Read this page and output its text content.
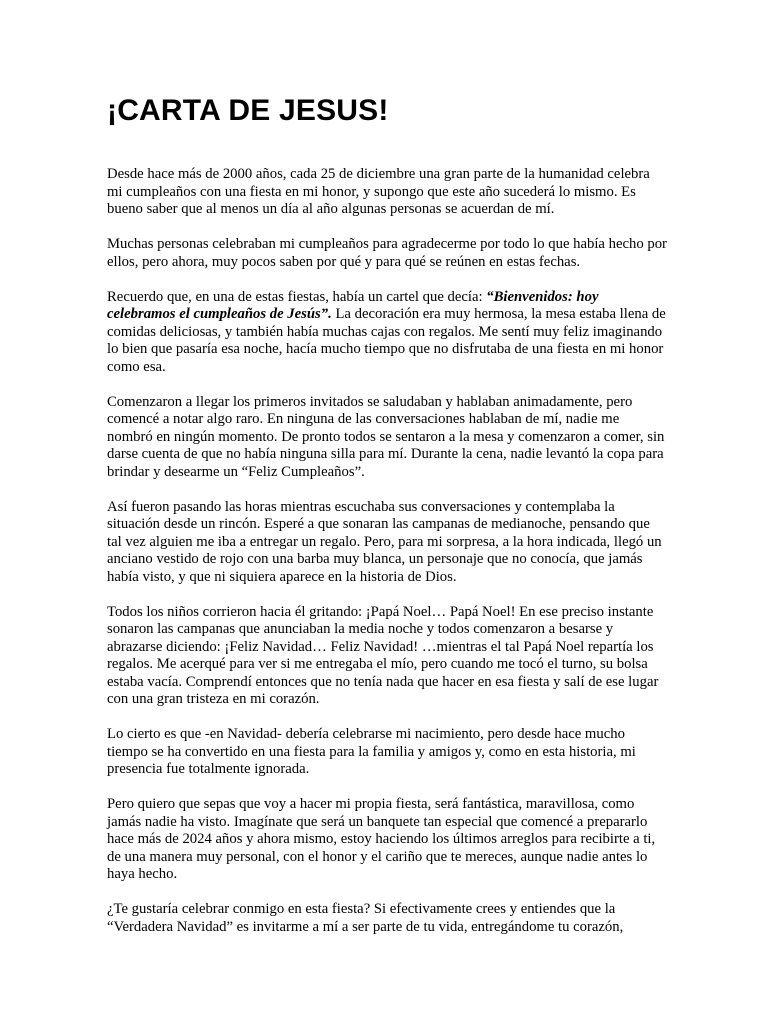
¡CARTA DE JESUS!

Desde hace más de 2000 años, cada 25 de diciembre una gran parte de la humanidad celebra mi cumpleaños con una fiesta en mi honor, y supongo que este año sucederá lo mismo. Es bueno saber que al menos un día al año algunas personas se acuerdan de mí.

Muchas personas celebraban mi cumpleaños para agradecerme por todo lo que había hecho por ellos, pero ahora, muy pocos saben por qué y para qué se reúnen en estas fechas.

Recuerdo que, en una de estas fiestas, había un cartel que decía: “Bienvenidos: hoy celebramos el cumpleaños de Jesús”. La decoración era muy hermosa, la mesa estaba llena de comidas deliciosas, y también había muchas cajas con regalos. Me sentí muy feliz imaginando lo bien que pasaría esa noche, hacía mucho tiempo que no disfrutaba de una fiesta en mi honor como esa.

Comenzaron a llegar los primeros invitados se saludaban y hablaban animadamente, pero comencé a notar algo raro. En ninguna de las conversaciones hablaban de mí, nadie me nombró en ningún momento. De pronto todos se sentaron a la mesa y comenzaron a comer, sin darse cuenta de que no había ninguna silla para mí. Durante la cena, nadie levantó la copa para brindar y desearme un “Feliz Cumpleaños”.

Así fueron pasando las horas mientras escuchaba sus conversaciones y contemplaba la situación desde un rincón. Esperé a que sonaran las campanas de medianoche, pensando que tal vez alguien me iba a entregar un regalo. Pero, para mi sorpresa, a la hora indicada, llegó un anciano vestido de rojo con una barba muy blanca, un personaje que no conocía, que jamás había visto, y que ni siquiera aparece en la historia de Dios.

Todos los niños corrieron hacia él gritando: ¡Papá Noel… Papá Noel! En ese preciso instante sonaron las campanas que anunciaban la media noche y todos comenzaron a besarse y abrazarse diciendo: ¡Feliz Navidad… Feliz Navidad! …mientras el tal Papá Noel repartía los regalos. Me acerqué para ver si me entregaba el mío, pero cuando me tocó el turno, su bolsa estaba vacía. Comprendí entonces que no tenía nada que hacer en esa fiesta y salí de ese lugar con una gran tristeza en mi corazón.

Lo cierto es que -en Navidad- debería celebrarse mi nacimiento, pero desde hace mucho tiempo se ha convertido en una fiesta para la familia y amigos y, como en esta historia, mi presencia fue totalmente ignorada.

Pero quiero que sepas que voy a hacer mi propia fiesta, será fantástica, maravillosa, como jamás nadie ha visto. Imagínate que será un banquete tan especial que comencé a prepararlo hace más de 2024 años y ahora mismo, estoy haciendo los últimos arreglos para recibirte a ti, de una manera muy personal, con el honor y el cariño que te mereces, aunque nadie antes lo haya hecho.

¿Te gustaría celebrar conmigo en esta fiesta? Si efectivamente crees y entiendes que la “Verdadera Navidad” es invitarme a mí a ser parte de tu vida, entregándome tu corazón,
